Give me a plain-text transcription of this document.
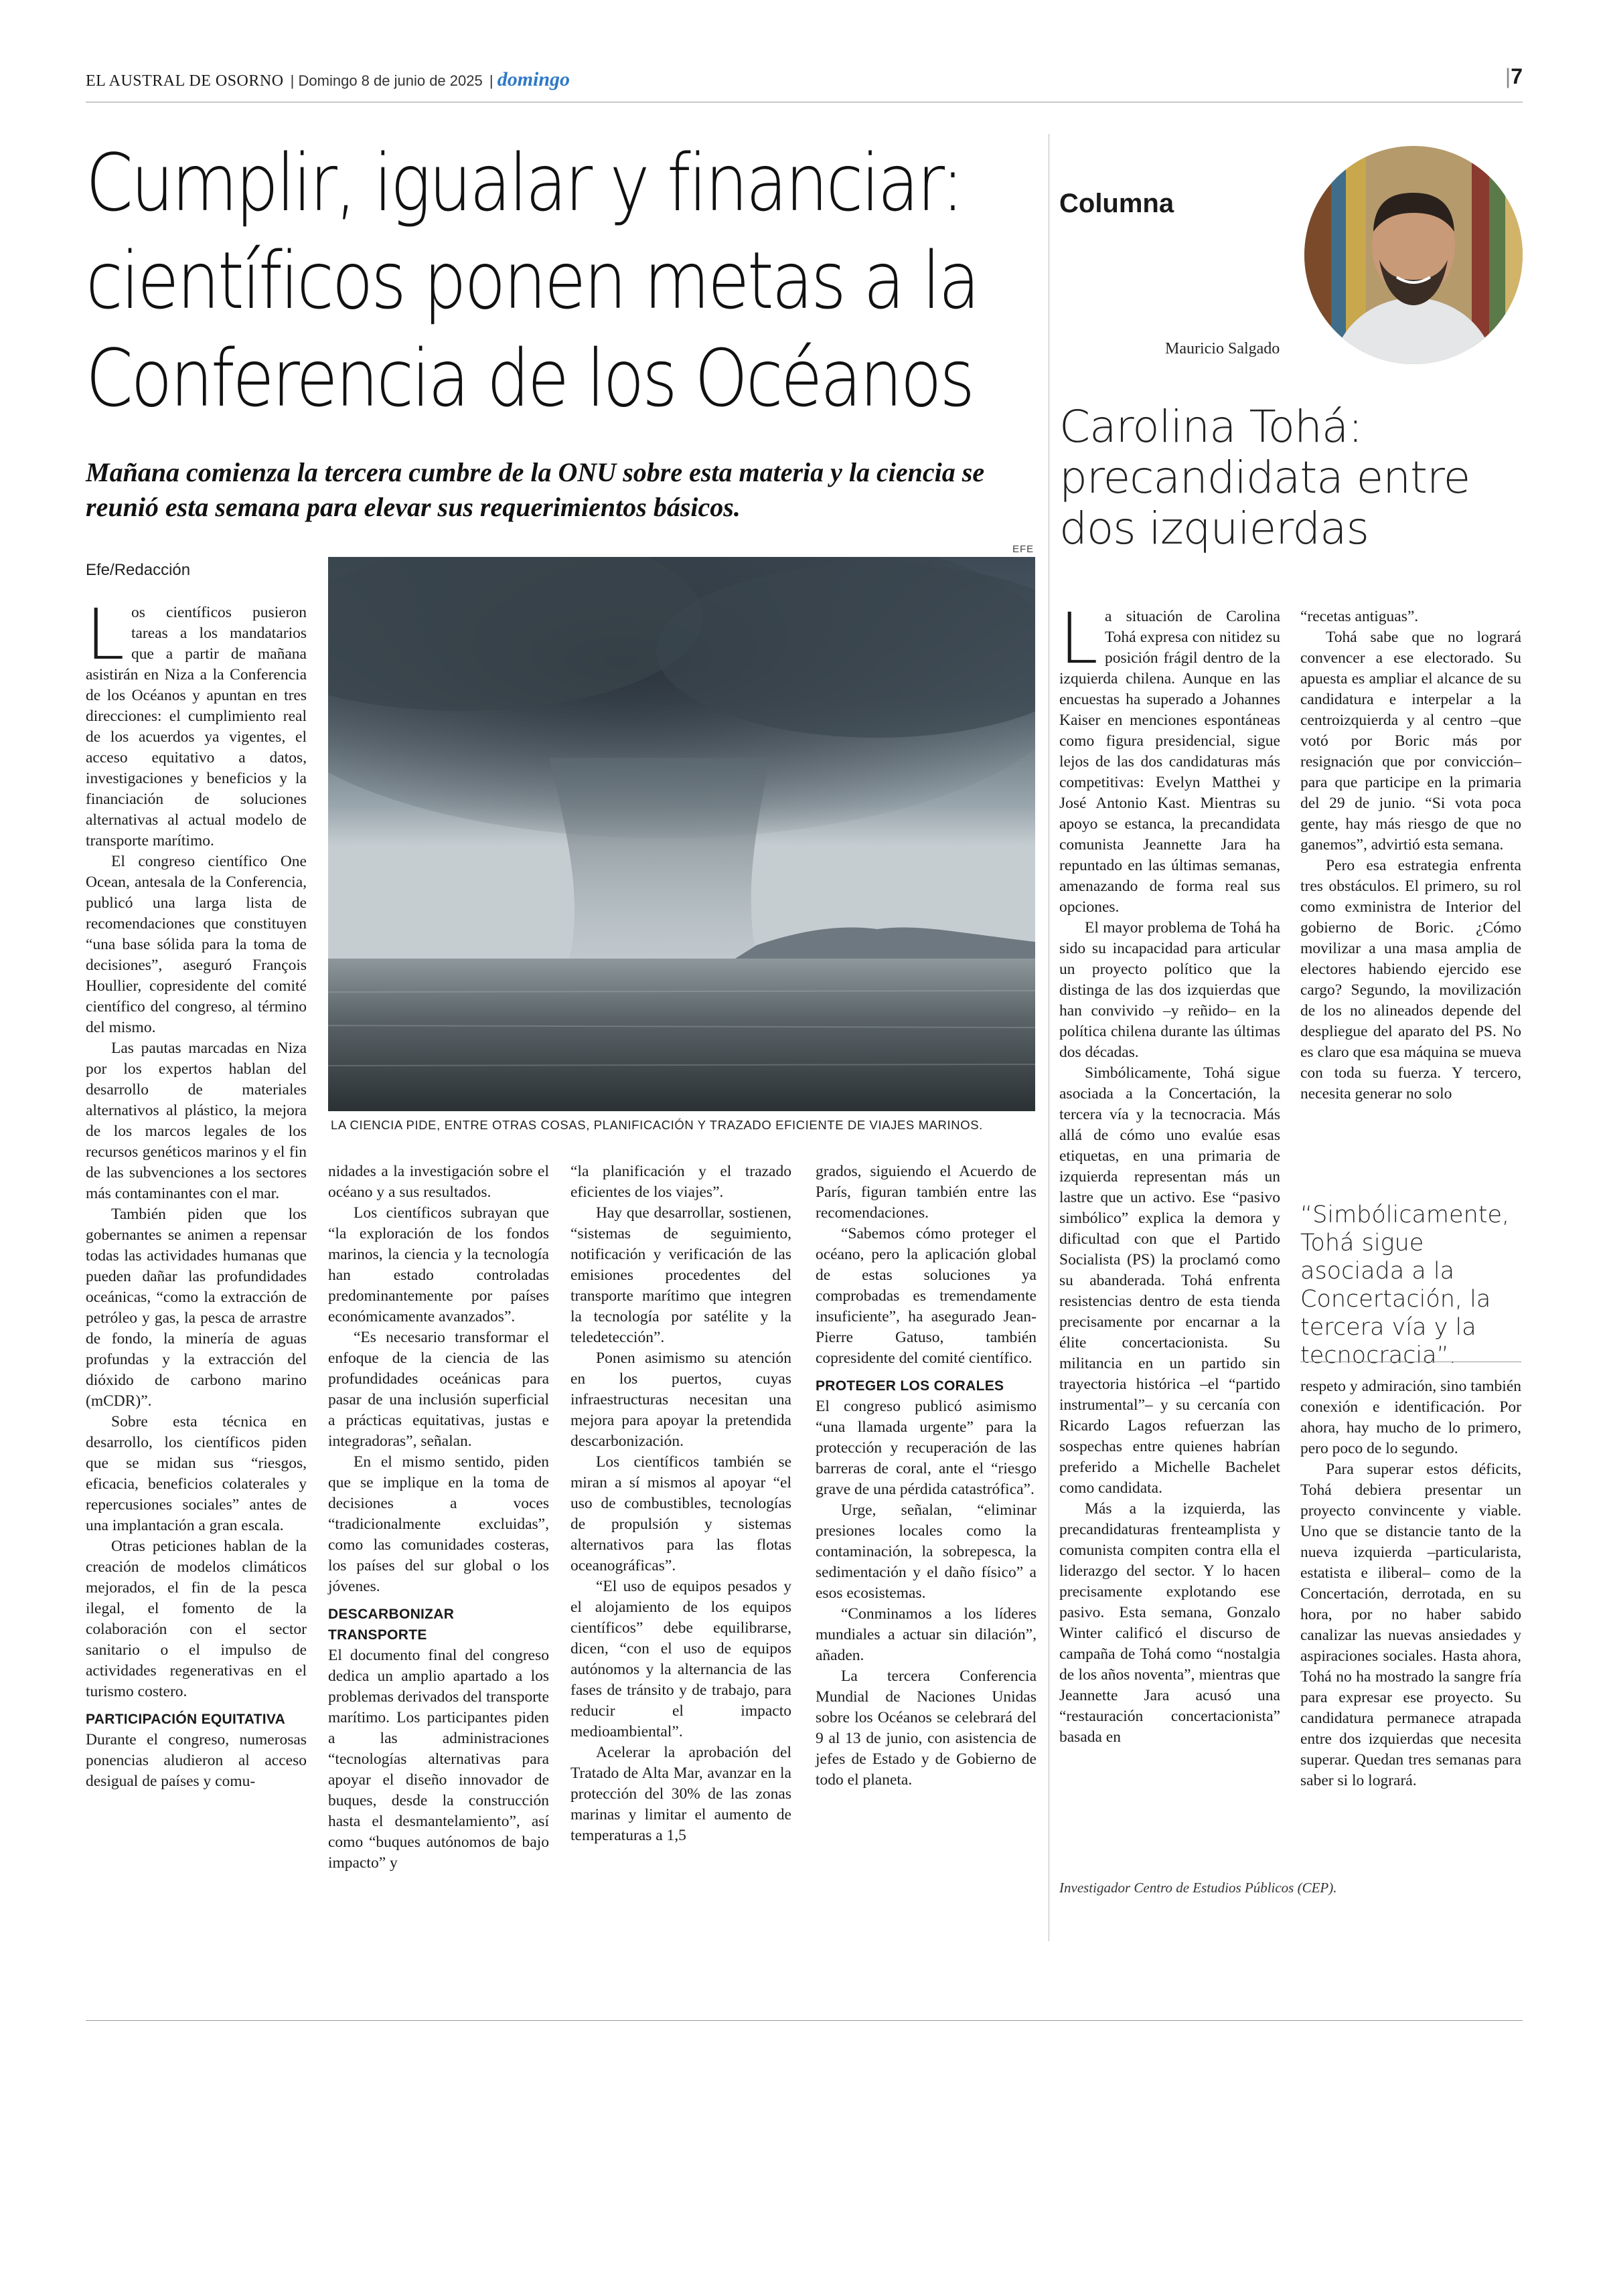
EL AUSTRAL DE OSORNO  | Domingo 8 de junio de 2025  | domingo	|7
Cumplir, igualar y financiar:
científicos ponen metas a la
Conferencia de los Océanos
Mañana comienza la tercera cumbre de la ONU sobre esta materia y la ciencia se reunió esta semana para elevar sus requerimientos básicos.
Efe/Redacción
EFE
LA CIENCIA PIDE, ENTRE OTRAS COSAS, PLANIFICACIÓN Y TRAZADO EFICIENTE DE VIAJES MARINOS.

Los científicos pusieron tareas a los mandatarios que a partir de mañana asistirán en Niza a la Conferencia de los Océanos y apuntan en tres direcciones: el cumplimiento real de los acuerdos ya vigentes, el acceso equitativo a datos, investigaciones y beneficios y la financiación de soluciones alternativas al actual modelo de transporte marítimo.

El congreso científico One Ocean, antesala de la Conferencia, publicó una larga lista de recomendaciones que constituyen “una base sólida para la toma de decisiones”, aseguró François Houllier, copresidente del comité científico del congreso, al término del mismo.

Las pautas marcadas en Niza por los expertos hablan del desarrollo de materiales alternativos al plástico, la mejora de los marcos legales de los recursos genéticos marinos y el fin de las subvenciones a los sectores más contaminantes con el mar.

También piden que los gobernantes se animen a repensar todas las actividades humanas que pueden dañar las profundidades oceánicas, “como la extracción de petróleo y gas, la pesca de arrastre de fondo, la minería de aguas profundas y la extracción del dióxido de carbono marino (mCDR)”.

Sobre esta técnica en desarrollo, los científicos piden que se midan sus “riesgos, eficacia, beneficios colaterales y repercusiones sociales” antes de una implantación a gran escala.

Otras peticiones hablan de la creación de modelos climáticos mejorados, el fin de la pesca ilegal, el fomento de la colaboración con el sector sanitario o el impulso de actividades regenerativas en el turismo costero.

PARTICIPACIÓN EQUITATIVA

Durante el congreso, numerosas ponencias aludieron al acceso desigual de países y comu-

nidades a la investigación sobre el océano y a sus resultados.

Los científicos subrayan que “la exploración de los fondos marinos, la ciencia y la tecnología han estado controladas predominantemente por países económicamente avanzados”.

“Es necesario transformar el enfoque de la ciencia de las profundidades oceánicas para pasar de una inclusión superficial a prácticas equitativas, justas e integradoras”, señalan.

En el mismo sentido, piden que se implique en la toma de decisiones a voces “tradicionalmente excluidas”, como las comunidades costeras, los países del sur global o los jóvenes.

DESCARBONIZAR TRANSPORTE

El documento final del congreso dedica un amplio apartado a los problemas derivados del transporte marítimo. Los participantes piden a las administraciones “tecnologías alternativas para apoyar el diseño innovador de buques, desde la construcción hasta el desmantelamiento”, así como “buques autónomos de bajo impacto” y

“la planificación y el trazado eficientes de los viajes”.

Hay que desarrollar, sostienen, “sistemas de seguimiento, notificación y verificación de las emisiones procedentes del transporte marítimo que integren la tecnología por satélite y la teledetección”.

Ponen asimismo su atención en los puertos, cuyas infraestructuras necesitan una mejora para apoyar la pretendida descarbonización.

Los científicos también se miran a sí mismos al apoyar “el uso de combustibles, tecnologías de propulsión y sistemas alternativos para las flotas oceanográficas”.

“El uso de equipos pesados y el alojamiento de los equipos científicos” debe equilibrarse, dicen, “con el uso de equipos autónomos y la alternancia de las fases de tránsito y de trabajo, para reducir el impacto medioambiental”.

Acelerar la aprobación del Tratado de Alta Mar, avanzar en la protección del 30% de las zonas marinas y limitar el aumento de temperaturas a 1,5

grados, siguiendo el Acuerdo de París, figuran también entre las recomendaciones.

“Sabemos cómo proteger el océano, pero la aplicación global de estas soluciones ya comprobadas es tremendamente insuficiente”, ha asegurado Jean-Pierre Gatuso, también copresidente del comité científico.

PROTEGER LOS CORALES

El congreso publicó asimismo “una llamada urgente” para la protección y recuperación de las barreras de coral, ante el “riesgo grave de una pérdida catastrófica”.

Urge, señalan, “eliminar presiones locales como la contaminación, la sobrepesca, la sedimentación y el daño físico” a esos ecosistemas.

“Conminamos a los líderes mundiales a actuar sin dilación”, añaden.

La tercera Conferencia Mundial de Naciones Unidas sobre los Océanos se celebrará del 9 al 13 de junio, con asistencia de jefes de Estado y de Gobierno de todo el planeta.

Columna
Mauricio Salgado
Carolina Tohá:
precandidata entre
dos izquierdas

La situación de Carolina Tohá expresa con nitidez su posición frágil dentro de la izquierda chilena. Aunque en las encuestas ha superado a Johannes Kaiser en menciones espontáneas como figura presidencial, sigue lejos de las dos candidaturas más competitivas: Evelyn Matthei y José Antonio Kast. Mientras su apoyo se estanca, la precandidata comunista Jeannette Jara ha repuntado en las últimas semanas, amenazando de forma real sus opciones.

El mayor problema de Tohá ha sido su incapacidad para articular un proyecto político que la distinga de las dos izquierdas que han convivido –y reñido– en la política chilena durante las últimas dos décadas.

Simbólicamente, Tohá sigue asociada a la Concertación, la tercera vía y la tecnocracia. Más allá de cómo uno evalúe esas etiquetas, en una primaria de izquierda representan más un lastre que un activo. Ese “pasivo simbólico” explica la demora y dificultad con que el Partido Socialista (PS) la proclamó como su abanderada. Tohá enfrenta resistencias dentro de esta tienda precisamente por encarnar a la élite concertacionista. Su militancia en un partido sin trayectoria histórica –el “partido instrumental”– y su cercanía con Ricardo Lagos refuerzan las sospechas entre quienes habrían preferido a Michelle Bachelet como candidata.

Más a la izquierda, las precandidaturas frenteamplista y comunista compiten contra ella el liderazgo del sector. Y lo hacen precisamente explotando ese pasivo. Esta semana, Gonzalo Winter calificó el discurso de campaña de Tohá como “nostalgia de los años noventa”, mientras que Jeannette Jara acusó una “restauración concertacionista” basada en

“recetas antiguas”.

Tohá sabe que no logrará convencer a ese electorado. Su apuesta es ampliar el alcance de su candidatura e interpelar a la centroizquierda y al centro –que votó por Boric más por resignación que por convicción– para que participe en la primaria del 29 de junio. “Si vota poca gente, hay más riesgo de que no ganemos”, advirtió esta semana.

Pero esa estrategia enfrenta tres obstáculos. El primero, su rol como exministra de Interior del gobierno de Boric. ¿Cómo movilizar a una masa amplia de electores habiendo ejercido ese cargo? Segundo, la movilización de los no alineados depende del despliegue del aparato del PS. No es claro que esa máquina se mueva con toda su fuerza. Y tercero, necesita generar no solo

“Simbólicamente, Tohá sigue asociada a la Concertación, la tercera vía y la tecnocracia”.

respeto y admiración, sino también conexión e identificación. Por ahora, hay mucho de lo primero, pero poco de lo segundo.

Para superar estos déficits, Tohá debiera presentar un proyecto convincente y viable. Uno que se distancie tanto de la nueva izquierda –particularista, estatista e iliberal– como de la Concertación, derrotada, en su hora, por no haber sabido canalizar las nuevas ansiedades y aspiraciones sociales. Hasta ahora, Tohá no ha mostrado la sangre fría para expresar ese proyecto. Su candidatura permanece atrapada entre dos izquierdas que necesita superar. Quedan tres semanas para saber si lo logrará.

Investigador Centro de Estudios Públicos (CEP).
